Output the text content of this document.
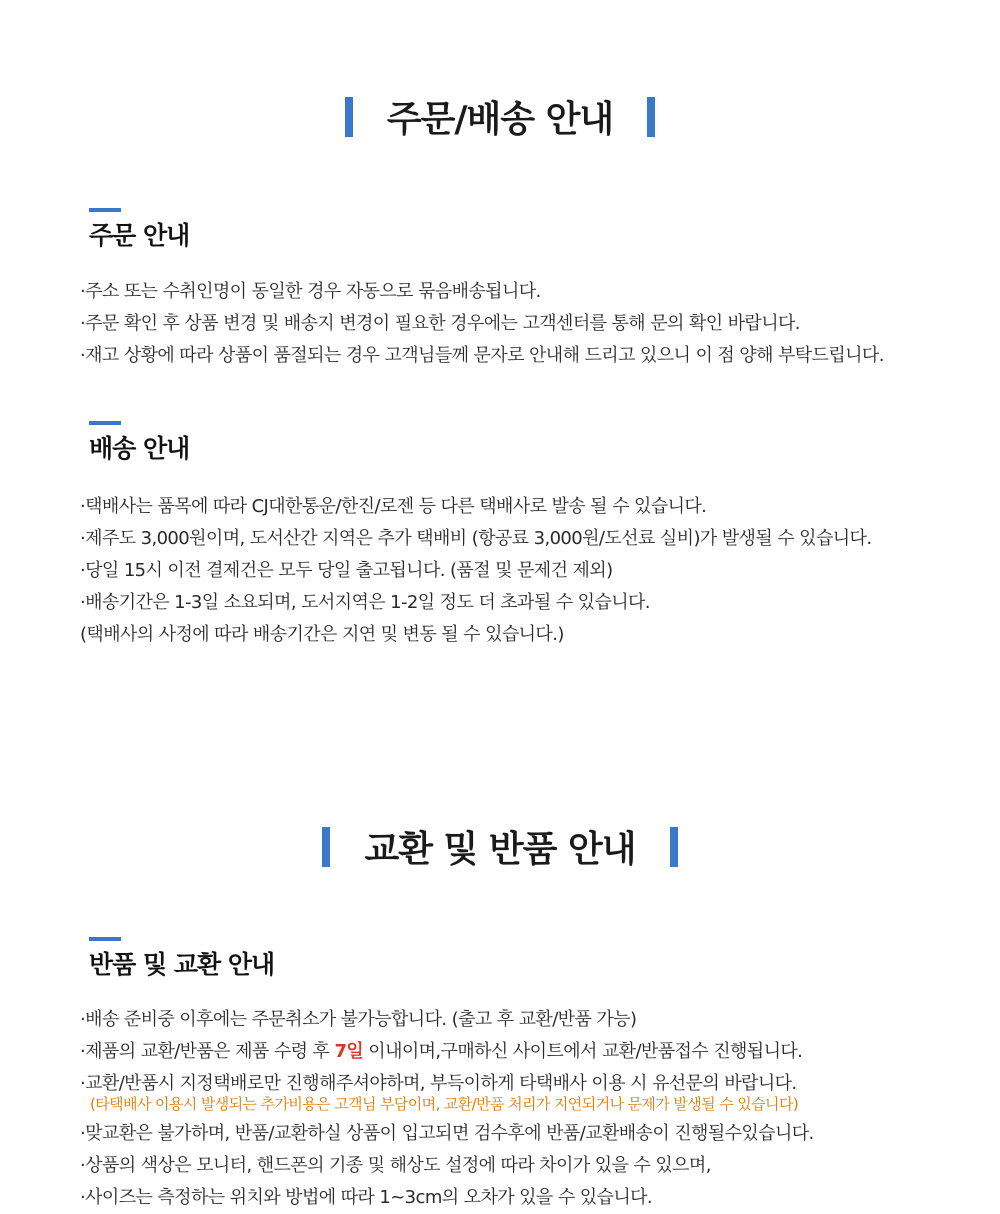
주문/배송 안내
주문 안내
·주소 또는 수취인명이 동일한 경우 자동으로 묶음배송됩니다.
·주문 확인 후 상품 변경 및 배송지 변경이 필요한 경우에는 고객센터를 통해 문의 확인 바랍니다.
·재고 상황에 따라 상품이 품절되는 경우 고객님들께 문자로 안내해 드리고 있으니 이 점 양해 부탁드립니다.
배송 안내
·택배사는 품목에 따라 CJ대한통운/한진/로젠 등 다른 택배사로 발송 될 수 있습니다.
·제주도 3,000원이며, 도서산간 지역은 추가 택배비 (항공료 3,000원/도선료 실비)가 발생될 수 있습니다.
·당일 15시 이전 결제건은 모두 당일 출고됩니다. (품절 및 문제건 제외)
·배송기간은 1-3일 소요되며, 도서지역은 1-2일 정도 더 초과될 수 있습니다.
(택배사의 사정에 따라 배송기간은 지연 및 변동 될 수 있습니다.)
교환 및 반품 안내
반품 및 교환 안내
·배송 준비중 이후에는 주문취소가 불가능합니다. (출고 후 교환/반품 가능)
·제품의 교환/반품은 제품 수령 후 7일 이내이며,구매하신 사이트에서 교환/반품접수 진행됩니다.
·교환/반품시 지정택배로만 진행해주셔야하며, 부득이하게 타택배사 이용 시 유선문의 바랍니다.
(타택배사 이용시 발생되는 추가비용은 고객님 부담이며, 교환/반품 처리가 지연되거나 문제가 발생될 수 있습니다)
·맞교환은 불가하며, 반품/교환하실 상품이 입고되면 검수후에 반품/교환배송이 진행될수있습니다.
·상품의 색상은 모니터, 핸드폰의 기종 및 해상도 설정에 따라 차이가 있을 수 있으며,
·사이즈는 측정하는 위치와 방법에 따라 1~3cm의 오차가 있을 수 있습니다.
